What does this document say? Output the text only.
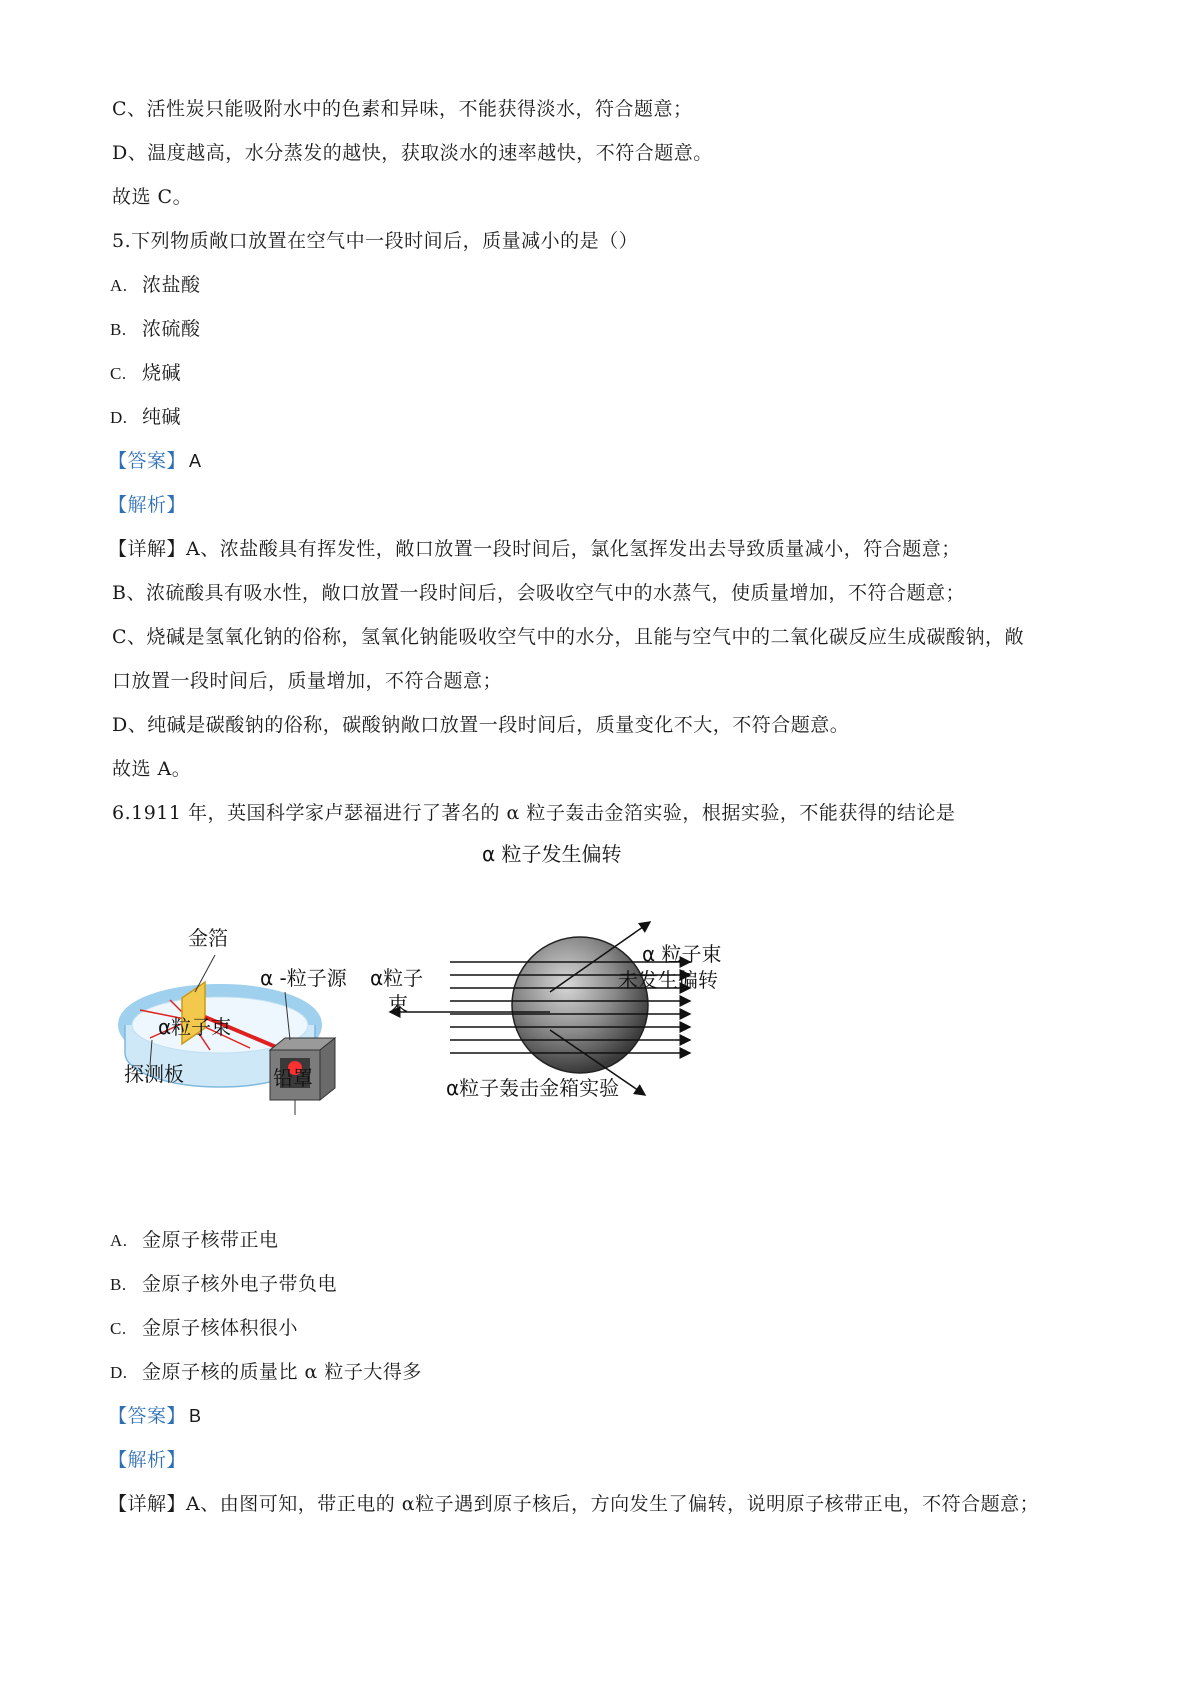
C、活性炭只能吸附水中的色素和异味，不能获得淡水，符合题意；
D、温度越高，水分蒸发的越快，获取淡水的速率越快，不符合题意。
故选 C。
5.下列物质敞口放置在空气中一段时间后，质量减小的是（）
A. 浓盐酸
B. 浓硫酸
C. 烧碱
D. 纯碱
【答案】 A
【解析】
【详解】A、浓盐酸具有挥发性，敞口放置一段时间后，氯化氢挥发出去导致质量减小，符合题意；
B、浓硫酸具有吸水性，敞口放置一段时间后，会吸收空气中的水蒸气，使质量增加，不符合题意；
C、烧碱是氢氧化钠的俗称，氢氧化钠能吸收空气中的水分，且能与空气中的二氧化碳反应生成碳酸钠，敞
口放置一段时间后，质量增加，不符合题意；
D、纯碱是碳酸钠的俗称，碳酸钠敞口放置一段时间后，质量变化不大，不符合题意。
故选 A。
6.1911 年，英国科学家卢瑟福进行了著名的 α 粒子轰击金箔实验，根据实验，不能获得的结论是
金箔
α -粒子源
α粒子束
探测板	铅罩
α 粒子发生偏转
α粒子
束
α 粒子束
未发生偏转
α粒子轰击金箱实验
A. 金原子核带正电
B. 金原子核外电子带负电
C. 金原子核体积很小
D. 金原子核的质量比 α 粒子大得多
【答案】 B
【解析】
【详解】A、由图可知，带正电的 α粒子遇到原子核后，方向发生了偏转，说明原子核带正电，不符合题意；
